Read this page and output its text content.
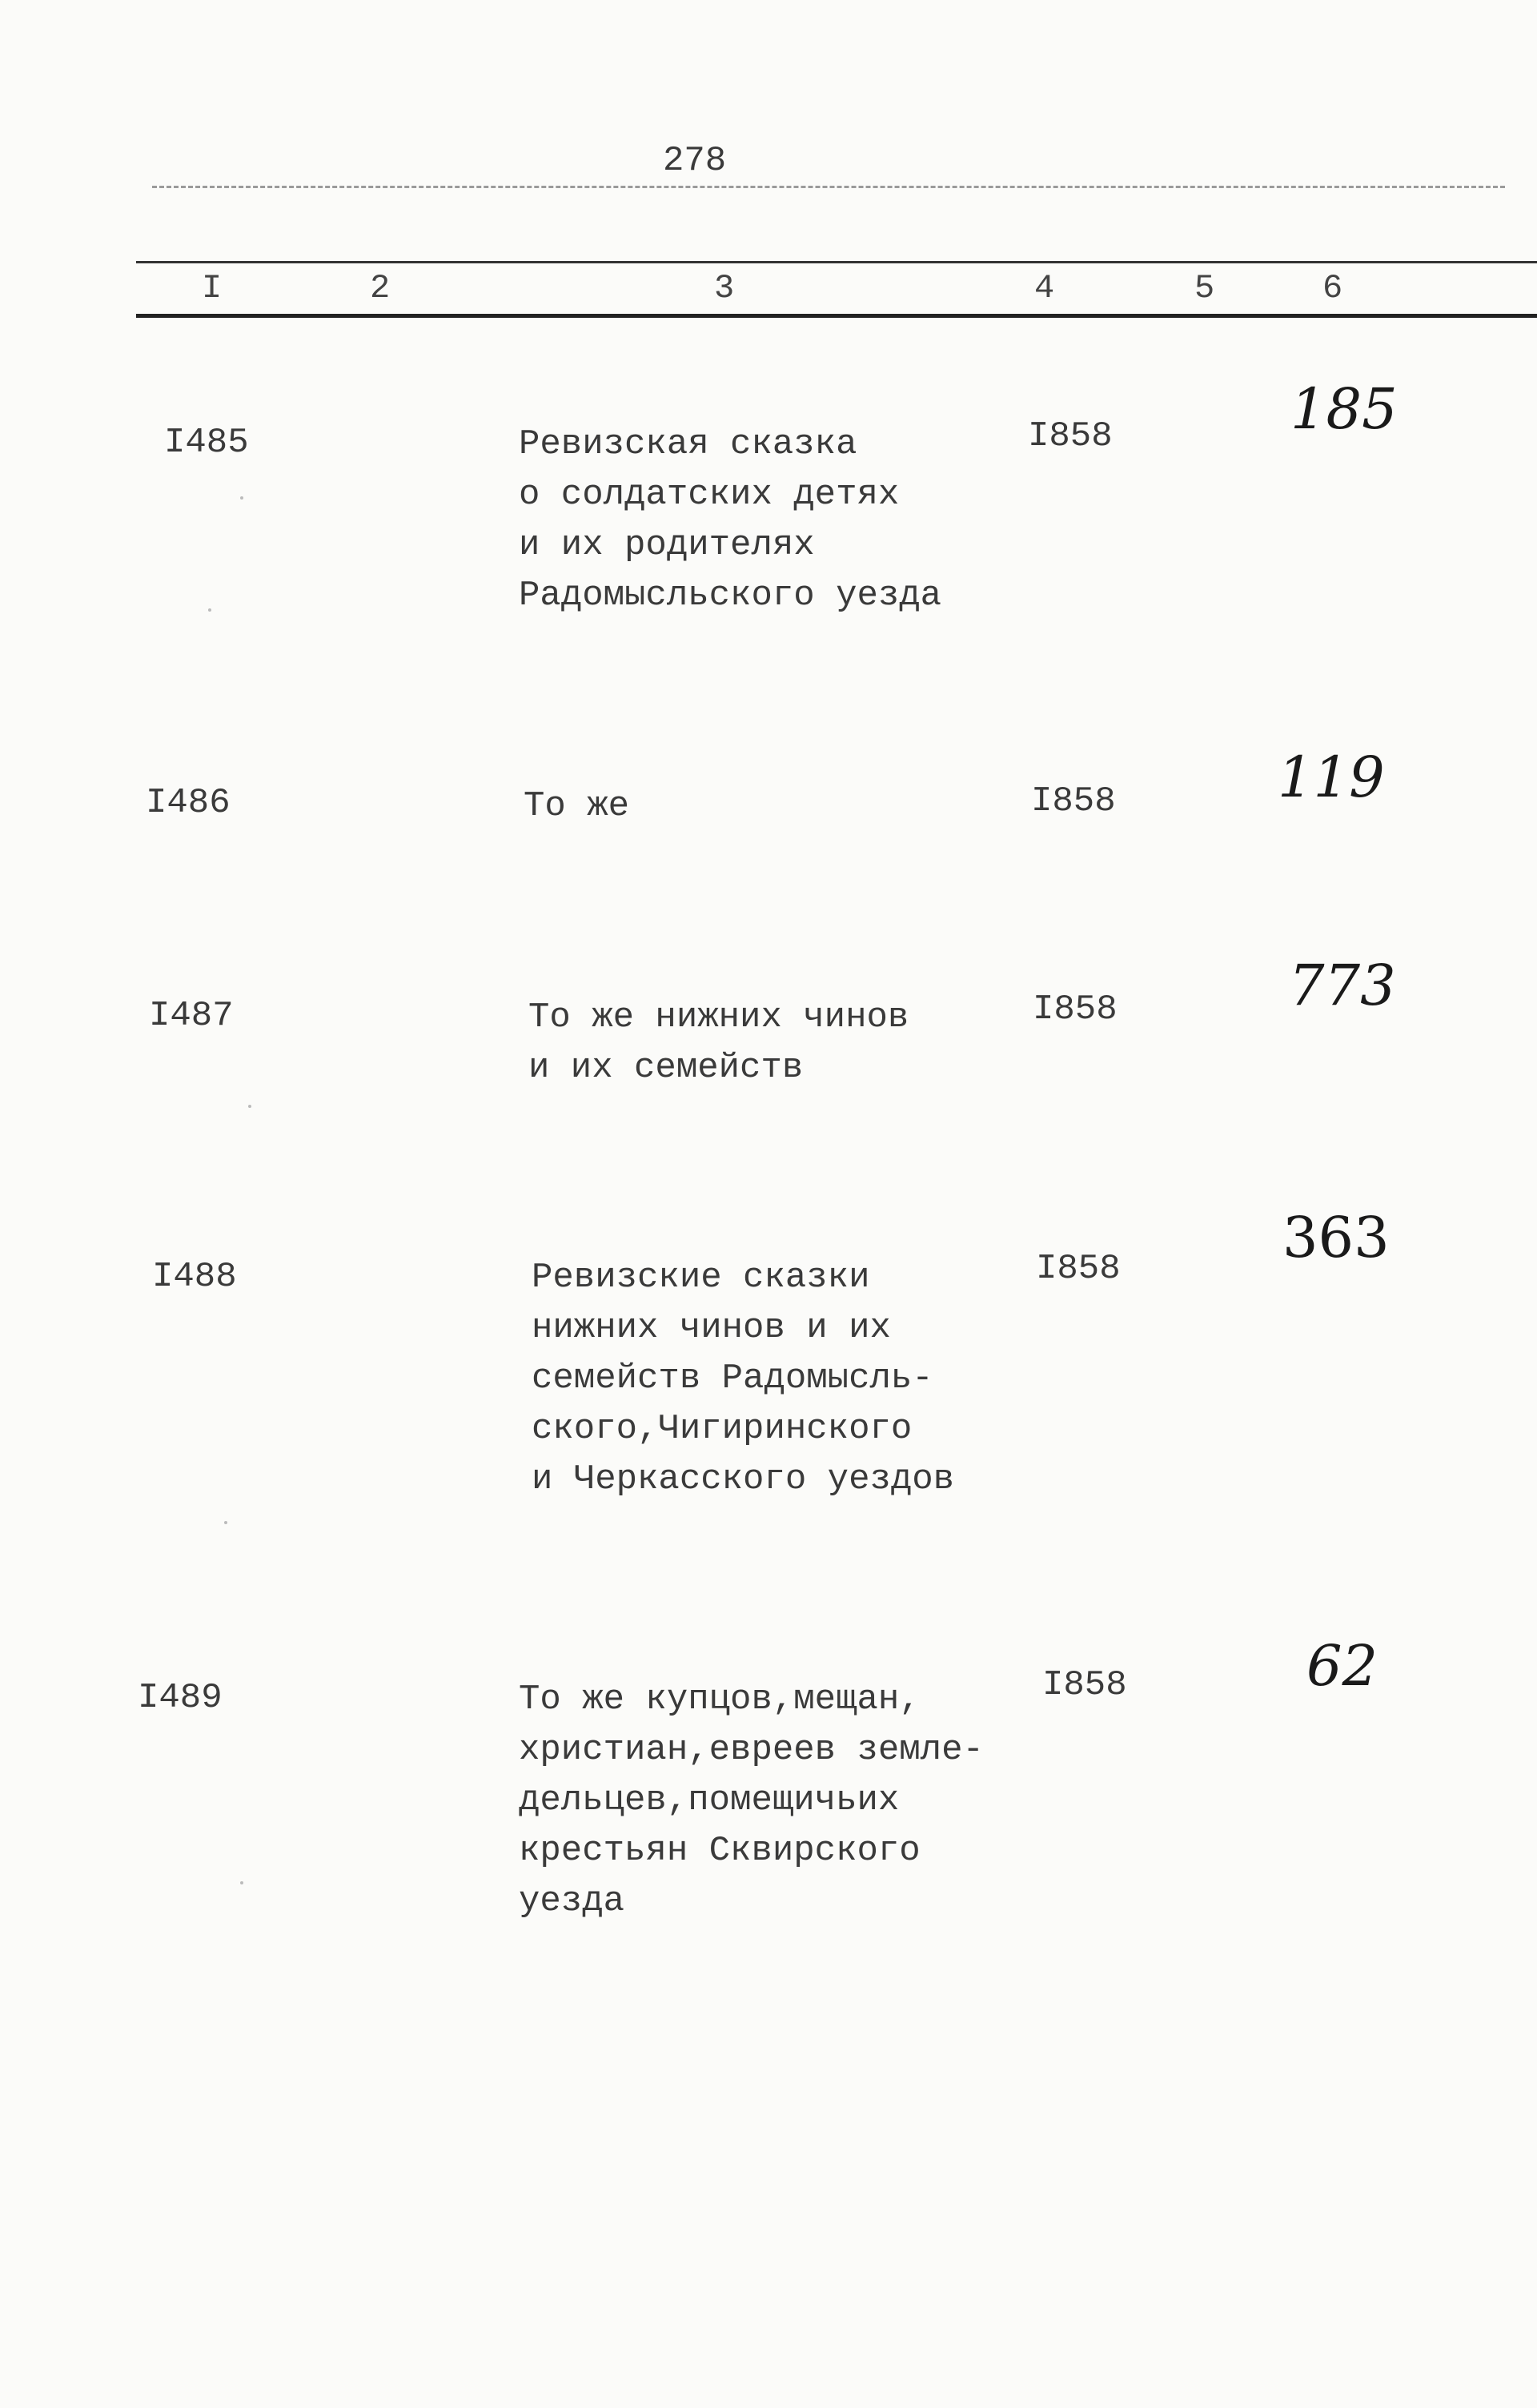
278
I	2	3	4	5	6
I485	Ревизская сказка
о солдатских детях
и их родителях
Радомысльского уезда
I858	185
I486	То же	I858	119
I487	То же нижних чинов
и их семейств
I858	773
I488	Ревизские сказки
нижних чинов и их
семейств Радомысль-
ского,Чигиринского
и Черкасского уездов
I858	363
I489	То же купцов,мещан,
христиан,евреев земле-
дельцев,помещичьих
крестьян Сквирского
уезда
I858	62
